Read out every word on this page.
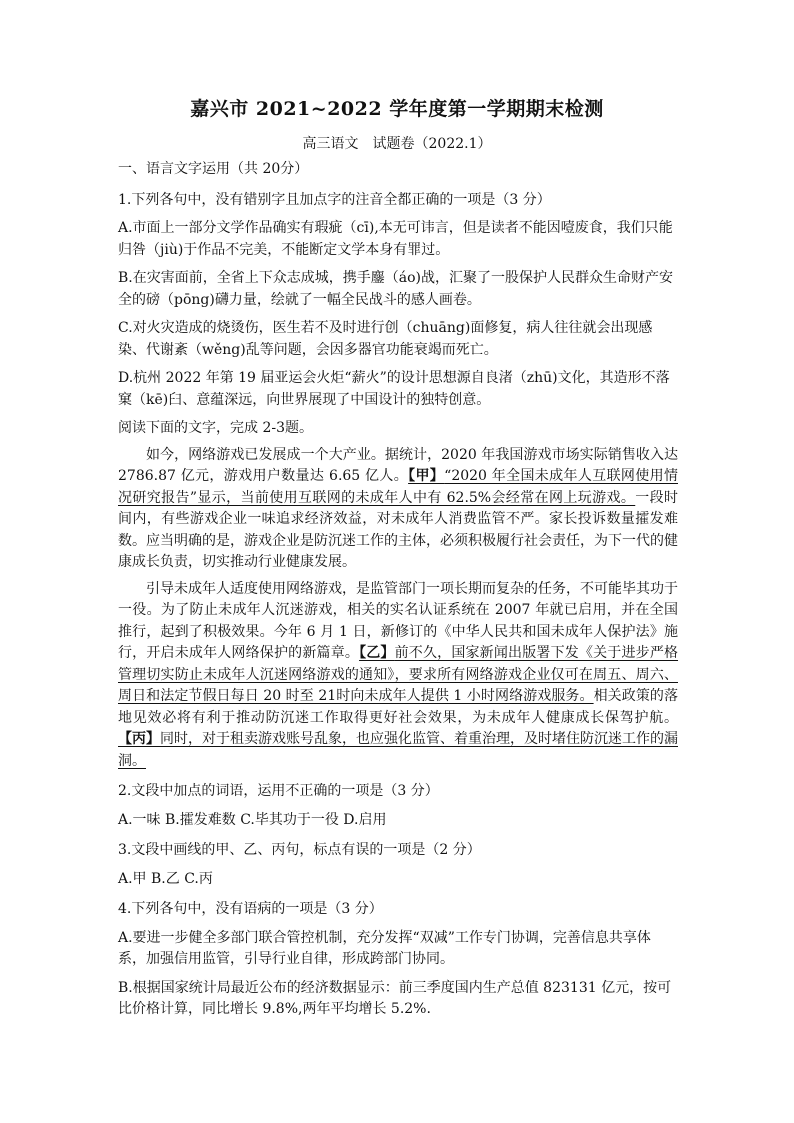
嘉兴市 2021~2022 学年度第一学期期末检测
高三语文　试题卷（2022.1）

一、语言文字运用（共 20分）

1.下列各句中，没有错别字且加点字的注音全都正确的一项是（3 分）

A.市面上一部分文学作品确实有瑕疵（cī),本无可讳言，但是读者不能因噎废食，我们只能归咎（jiù)于作品不完美，不能断定文学本身有罪过。

B.在灾害面前，全省上下众志成城，携手鏖（áo)战，汇聚了一股保护人民群众生命财产安全的磅（pōng)礴力量，绘就了一幅全民战斗的感人画卷。

C.对火灾造成的烧烫伤，医生若不及时进行创（chuāng)面修复，病人往往就会出现感染、代谢紊（wěng)乱等问题，会因多器官功能衰竭而死亡。

D.杭州 2022 年第 19 届亚运会火炬“薪火”的设计思想源自良渚（zhū)文化，其造形不落窠（kē)臼、意蕴深远，向世界展现了中国设计的独特创意。

阅读下面的文字，完成 2-3题。

如今，网络游戏已发展成一个大产业。据统计，2020 年我国游戏市场实际销售收入达 2786.87 亿元，游戏用户数量达 6.65 亿人。【甲】“2020 年全国未成年人互联网使用情况研究报告”显示，当前使用互联网的未成年人中有 62.5%会经常在网上玩游戏。一段时间内，有些游戏企业一味追求经济效益，对未成年人消费监管不严。家长投诉数量攉发难数。应当明确的是，游戏企业是防沉迷工作的主体，必须积极履行社会责任，为下一代的健康成长负责，切实推动行业健康发展。

引导未成年人适度使用网络游戏，是监管部门一项长期而复杂的任务，不可能毕其功于一役。为了防止未成年人沉迷游戏，相关的实名认证系统在 2007 年就已启用，并在全国推行，起到了积极效果。今年 6 月 1 日，新修订的《中华人民共和国未成年人保护法》施行，开启未成年人网络保护的新篇章。【乙】前不久，国家新闻出版署下发《关于进步严格管理切实防止未成年人沉迷网络游戏的通知》，要求所有网络游戏企业仅可在周五、周六、周日和法定节假日每日 20 时至 21时向未成年人提供 1 小时网络游戏服务。相关政策的落地见效必将有利于推动防沉迷工作取得更好社会效果，为未成年人健康成长保驾护航。【丙】同时，对于租卖游戏账号乱象，也应强化监管、着重治理，及时堵住防沉迷工作的漏洞。

2.文段中加点的词语，运用不正确的一项是（3 分）

A.一味 B.攉发难数 C.毕其功于一役 D.启用

3.文段中画线的甲、乙、丙句，标点有误的一项是（2 分）

A.甲 B.乙 C.丙

4.下列各句中，没有语病的一项是（3 分）

A.要进一步健全多部门联合管控机制，充分发挥“双减”工作专门协调，完善信息共享体系，加强信用监管，引导行业自律，形成跨部门协同。

B.根据国家统计局最近公布的经济数据显示：前三季度国内生产总值 823131 亿元，按可比价格计算，同比增长 9.8%,两年平均增长 5.2%.
